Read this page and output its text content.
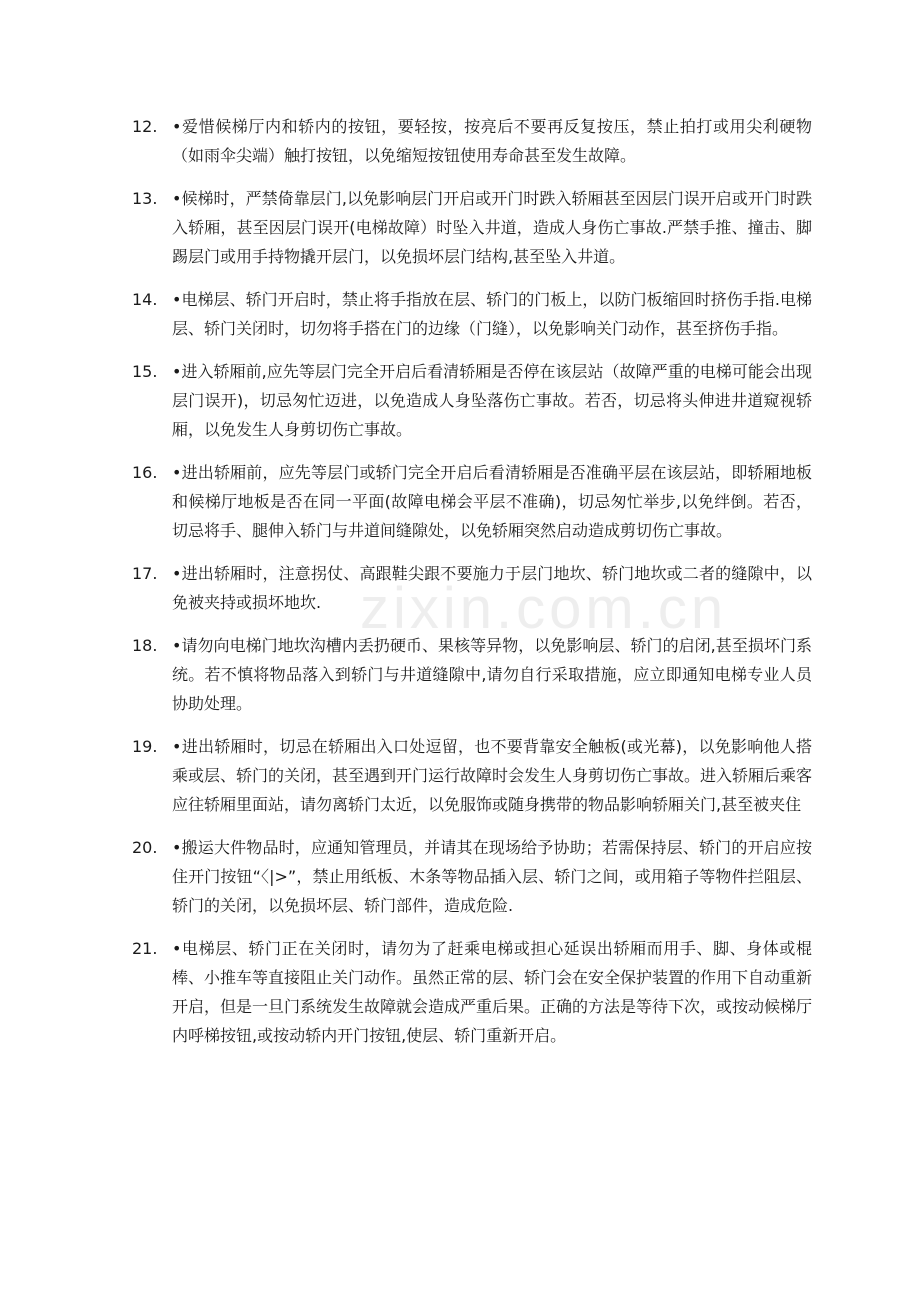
zixin.com.cn
12. •爱惜候梯厅内和轿内的按钮，要轻按，按亮后不要再反复按压，禁止拍打或用尖利硬物（如雨伞尖端）触打按钮，以免缩短按钮使用寿命甚至发生故障。
13. •候梯时，严禁倚靠层门,以免影响层门开启或开门时跌入轿厢甚至因层门误开启或开门时跌入轿厢，甚至因层门误开(电梯故障）时坠入井道，造成人身伤亡事故.严禁手推、撞击、脚踢层门或用手持物撬开层门，以免损坏层门结构,甚至坠入井道。
14. •电梯层、轿门开启时，禁止将手指放在层、轿门的门板上，以防门板缩回时挤伤手指.电梯层、轿门关闭时，切勿将手搭在门的边缘（门缝），以免影响关门动作，甚至挤伤手指。
15. •进入轿厢前,应先等层门完全开启后看清轿厢是否停在该层站（故障严重的电梯可能会出现层门误开)，切忌匆忙迈进，以免造成人身坠落伤亡事故。若否，切忌将头伸进井道窥视轿厢，以免发生人身剪切伤亡事故。
16. •进出轿厢前，应先等层门或轿门完全开启后看清轿厢是否准确平层在该层站，即轿厢地板和候梯厅地板是否在同一平面(故障电梯会平层不准确)，切忌匆忙举步,以免绊倒。若否，切忌将手、腿伸入轿门与井道间缝隙处，以免轿厢突然启动造成剪切伤亡事故。
17. •进出轿厢时，注意拐仗、高跟鞋尖跟不要施力于层门地坎、轿门地坎或二者的缝隙中，以免被夹持或损坏地坎.
18. •请勿向电梯门地坎沟槽内丢扔硬币、果核等异物，以免影响层、轿门的启闭,甚至损坏门系统。若不慎将物品落入到轿门与井道缝隙中,请勿自行采取措施，应立即通知电梯专业人员协助处理。
19. •进出轿厢时，切忌在轿厢出入口处逗留，也不要背靠安全触板(或光幕)，以免影响他人搭乘或层、轿门的关闭，甚至遇到开门运行故障时会发生人身剪切伤亡事故。进入轿厢后乘客应往轿厢里面站，请勿离轿门太近，以免服饰或随身携带的物品影响轿厢关门,甚至被夹住
20. •搬运大件物品时，应通知管理员，并请其在现场给予协助；若需保持层、轿门的开启应按住开门按钮“〈|>”，禁止用纸板、木条等物品插入层、轿门之间，或用箱子等物件拦阻层、轿门的关闭，以免损坏层、轿门部件，造成危险.
21. •电梯层、轿门正在关闭时，请勿为了赶乘电梯或担心延误出轿厢而用手、脚、身体或棍棒、小推车等直接阻止关门动作。虽然正常的层、轿门会在安全保护装置的作用下自动重新开启，但是一旦门系统发生故障就会造成严重后果。正确的方法是等待下次，或按动候梯厅内呼梯按钮,或按动轿内开门按钮,使层、轿门重新开启。
